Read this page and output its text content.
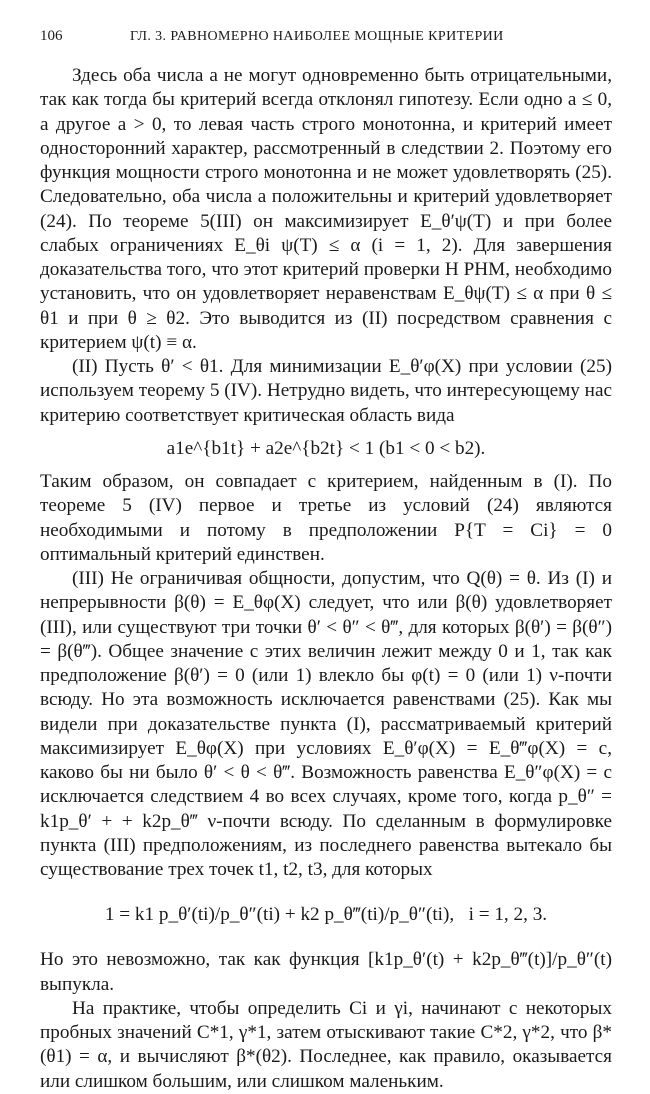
106	ГЛ. 3. РАВНОМЕРНО НАИБОЛЕЕ МОЩНЫЕ КРИТЕРИИ

Здесь оба числа a не могут одновременно быть отрицательными, так как тогда бы критерий всегда отклонял гипотезу. Если одно a ≤ 0, а другое a > 0, то левая часть строго монотонна, и критерий имеет односторонний характер, рассмотренный в следствии 2. Поэтому его функция мощности строго монотонна и не может удовлетворять (25). Следовательно, оба числа a положительны и критерий удовлетворяет (24). По теореме 5(III) он максимизирует E_θ′ψ(T) и при более слабых ограничениях E_θi ψ(T) ≤ α (i = 1, 2). Для завершения доказательства того, что этот критерий проверки H РНМ, необходимо установить, что он удовлетворяет неравенствам E_θψ(T) ≤ α при θ ≤ θ1 и при θ ≥ θ2. Это выводится из (II) посредством сравнения с критерием ψ(t) ≡ α.

(II) Пусть θ′ < θ1. Для минимизации E_θ′φ(X) при условии (25) используем теорему 5 (IV). Нетрудно видеть, что интересующему нас критерию соответствует критическая область вида

a1e^{b1t} + a2e^{b2t} < 1 (b1 < 0 < b2).

Таким образом, он совпадает с критерием, найденным в (I). По теореме 5 (IV) первое и третье из условий (24) являются необходимыми и потому в предположении P{T = Ci} = 0 оптимальный критерий единствен.

(III) Не ограничивая общности, допустим, что Q(θ) = θ. Из (I) и непрерывности β(θ) = E_θφ(X) следует, что или β(θ) удовлетворяет (III), или существуют три точки θ′ < θ″ < θ‴, для которых β(θ′) = β(θ″) = β(θ‴). Общее значение c этих величин лежит между 0 и 1, так как предположение β(θ′) = 0 (или 1) влекло бы φ(t) = 0 (или 1) ν-почти всюду. Но эта возможность исключается равенствами (25). Как мы видели при доказательстве пункта (I), рассматриваемый критерий максимизирует E_θφ(X) при условиях E_θ′φ(X) = E_θ‴φ(X) = c, каково бы ни было θ′ < θ < θ‴. Возможность равенства E_θ″φ(X) = c исключается следствием 4 во всех случаях, кроме того, когда p_θ″ = k1p_θ′ + + k2p_θ‴ ν-почти всюду. По сделанным в формулировке пункта (III) предположениям, из последнего равенства вытекало бы существование трех точек t1, t2, t3, для которых

1 = k1 p_θ′(ti)/p_θ″(ti) + k2 p_θ‴(ti)/p_θ″(ti),   i = 1, 2, 3.

Но это невозможно, так как функция [k1p_θ′(t) + k2p_θ‴(t)]/p_θ″(t) выпукла.

На практике, чтобы определить Ci и γi, начинают с некоторых пробных значений C*1, γ*1, затем отыскивают такие C*2, γ*2, что β*(θ1) = α, и вычисляют β*(θ2). Последнее, как правило, оказывается или слишком большим, или слишком маленьким.
